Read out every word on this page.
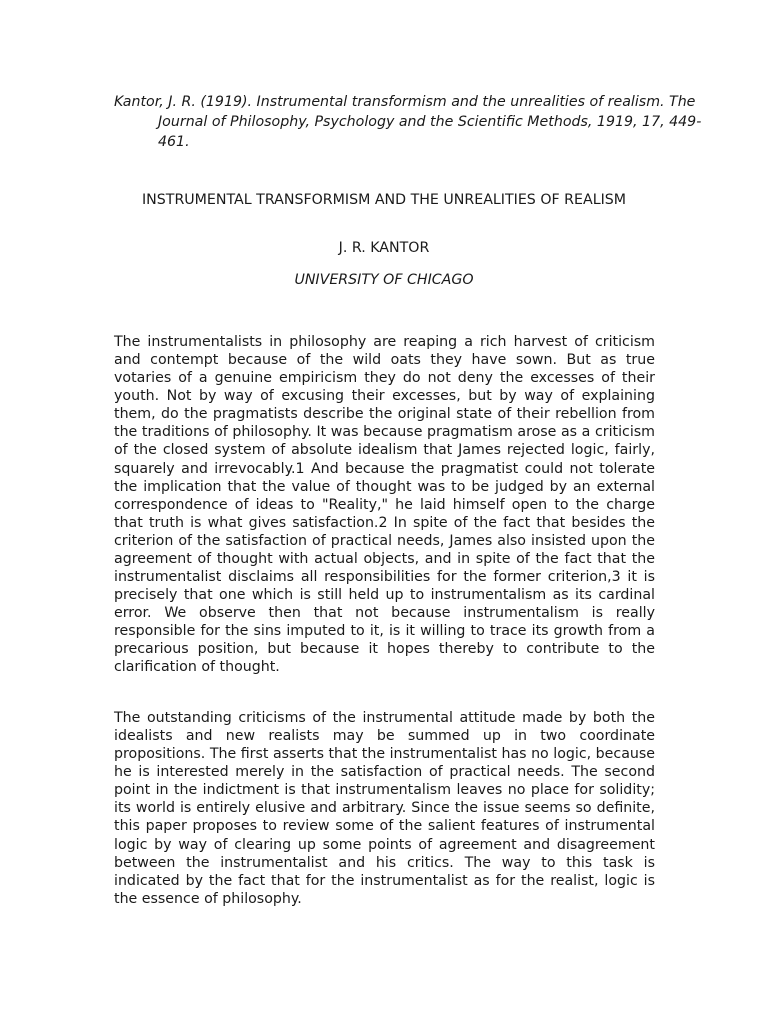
Kantor, J. R. (1919). Instrumental transformism and the unrealities of realism. The Journal of Philosophy, Psychology and the Scientific Methods, 1919, 17, 449-461.

INSTRUMENTAL TRANSFORMISM AND THE UNREALITIES OF REALISM

J. R. KANTOR

UNIVERSITY OF CHICAGO

The instrumentalists in philosophy are reaping a rich harvest of criticism and contempt because of the wild oats they have sown. But as true votaries of a genuine empiricism they do not deny the excesses of their youth. Not by way of excusing their excesses, but by way of explaining them, do the pragmatists describe the original state of their rebellion from the traditions of philosophy. It was because pragmatism arose as a criticism of the closed system of absolute idealism that James rejected logic, fairly, squarely and irrevocably.1 And because the pragmatist could not tolerate the implication that the value of thought was to be judged by an external correspondence of ideas to "Reality," he laid himself open to the charge that truth is what gives satisfaction.2 In spite of the fact that besides the criterion of the satisfaction of practical needs, James also insisted upon the agreement of thought with actual objects, and in spite of the fact that the instrumentalist disclaims all responsibilities for the former criterion,3 it is precisely that one which is still held up to instrumentalism as its cardinal error. We observe then that not because instrumentalism is really responsible for the sins imputed to it, is it willing to trace its growth from a precarious position, but because it hopes thereby to contribute to the clarification of thought.

The outstanding criticisms of the instrumental attitude made by both the idealists and new realists may be summed up in two coordinate propositions. The first asserts that the instrumentalist has no logic, because he is interested merely in the satisfaction of practical needs. The second point in the indictment is that instrumentalism leaves no place for solidity; its world is entirely elusive and arbitrary. Since the issue seems so definite, this paper proposes to review some of the salient features of instrumental logic by way of clearing up some points of agreement and disagreement between the instrumentalist and his critics. The way to this task is indicated by the fact that for the instrumentalist as for the realist, logic is the essence of philosophy.
